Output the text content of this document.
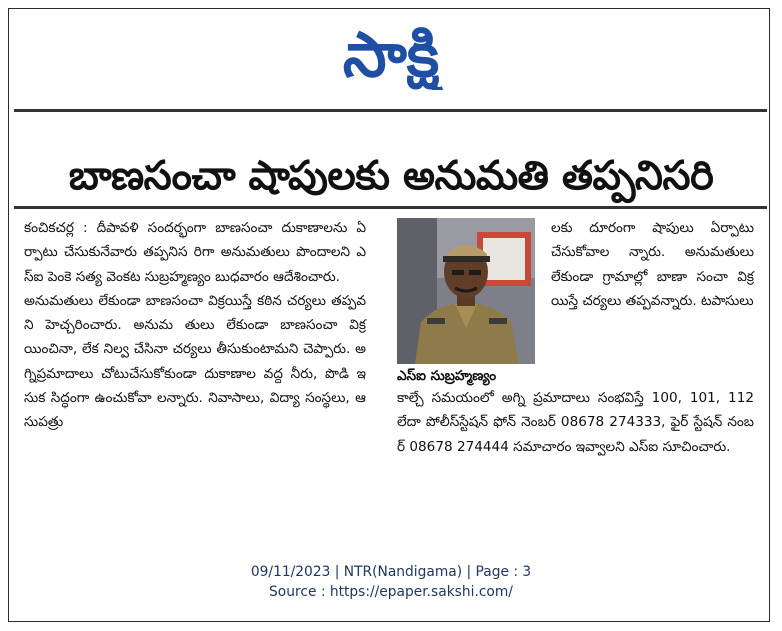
సాక్షి
బాణసంచా షాపులకు అనుమతి తప్పనిసరి

కంచికచర్ల : దీపావళి సందర్భంగా బాణసంచా దుకాణాలను ఏర్పాటు చేసుకునేవారు తప్పనిస రిగా అనుమతులు పొందాలని ఎస్ఐ పెంకె సత్య వెంకట సుబ్రహ్మణ్యం బుధవారం ఆదేశించారు.

అనుమతులు లేకుండా బాణసంచా విక్రయిస్తే కఠిన చర్యలు తప్పవని హెచ్చరించారు. అనుమ తులు లేకుండా బాణసంచా విక్రయించినా, లేక నిల్వ చేసినా చర్యలు తీసుకుంటామని చెప్పారు. అగ్నిప్రమాదాలు చోటుచేసుకోకుండా దుకాణాల వద్ద నీరు, పొడి ఇసుక సిద్ధంగా ఉంచుకోవా లన్నారు. నివాసాలు, విద్యా సంస్థలు, ఆసుపత్రు

ఎస్ఐ సుబ్రహ్మణ్యం

లకు దూరంగా షాపులు ఏర్పాటు చేసుకోవాల న్నారు. అనుమతులు లేకుండా గ్రామాల్లో బాణా సంచా విక్రయిస్తే చర్యలు తప్పవన్నారు. టపాసులు

కాల్చే సమయంలో అగ్ని ప్రమాదాలు సంభవిస్తే 100, 101, 112 లేదా పోలీస్‌స్టేషన్ ఫోన్ నెంబర్ 08678 274333, ఫైర్ స్టేషన్ నంబర్ 08678 274444 సమాచారం ఇవ్వాలని ఎస్ఐ సూచించారు.

09/11/2023 | NTR(Nandigama) | Page : 3
Source : https://epaper.sakshi.com/
